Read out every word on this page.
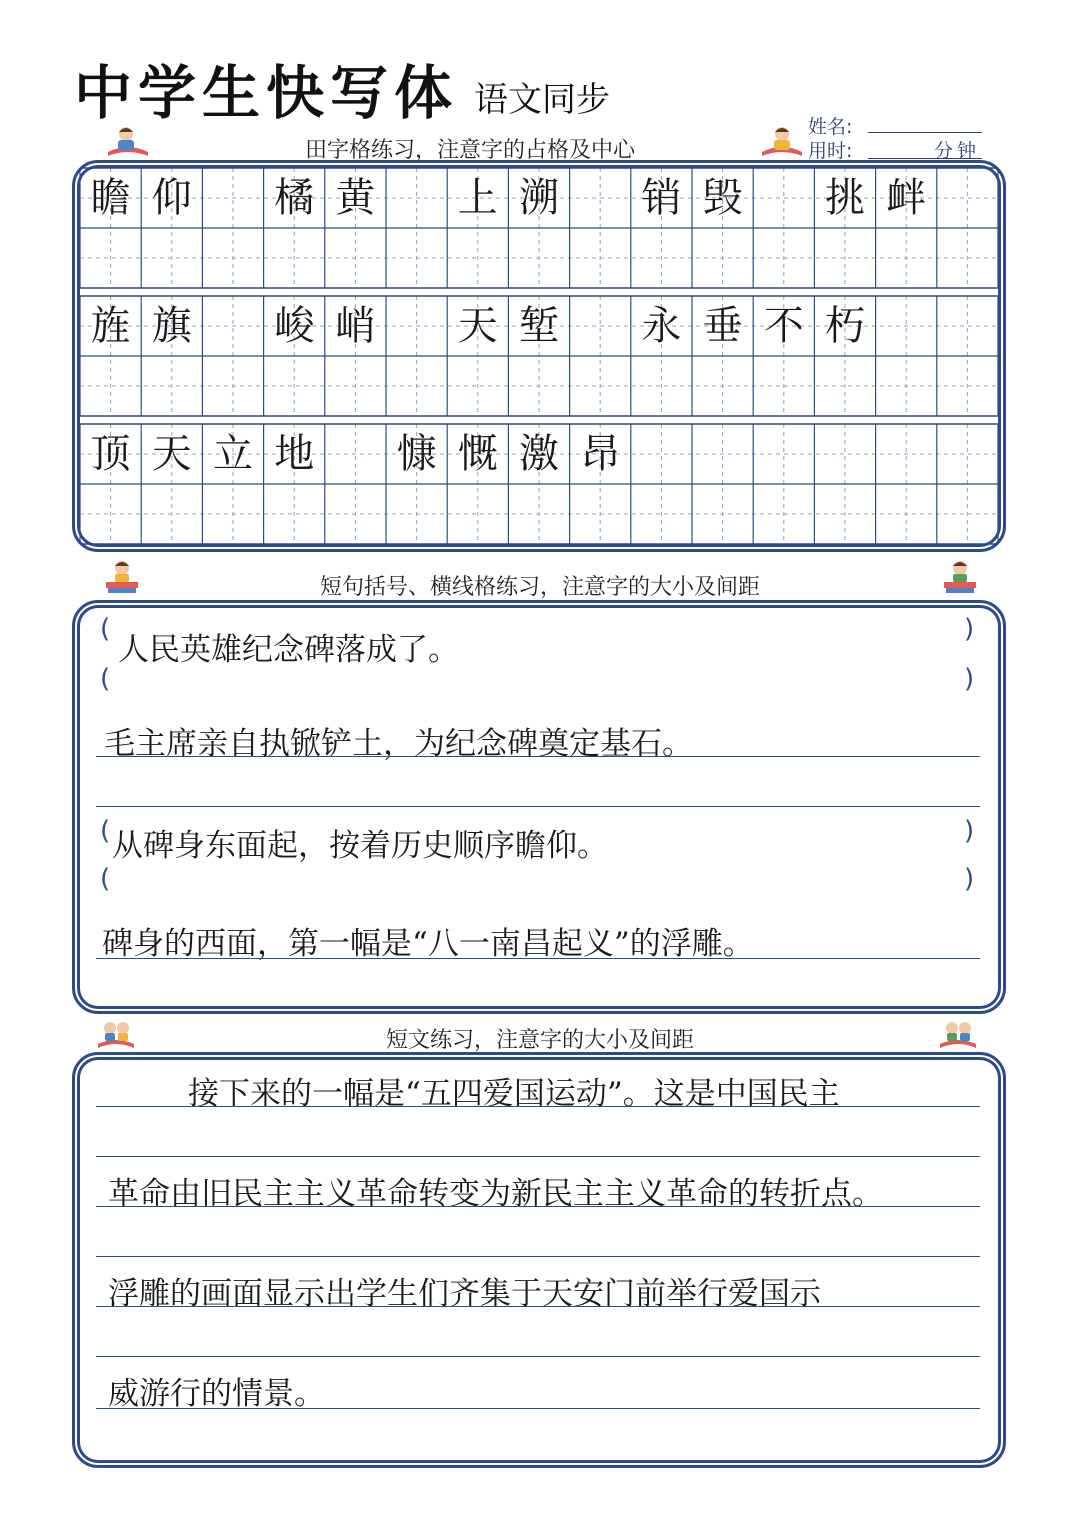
中学生快写体 语文同步
田字格练习，注意字的占格及中心
姓名:
用时:	分钟
瞻 仰 橘 黄 上 溯 销 毁 挑 衅
旌 旗 峻 峭 天 堑 永 垂 不 朽
顶 天 立 地 慷 慨 激 昂
短句括号、横线格练习，注意字的大小及间距
(	)
人民英雄纪念碑落成了。
(	)
毛主席亲自执锨铲土，为纪念碑奠定基石。
(	)
从碑身东面起，按着历史顺序瞻仰。
(	)
碑身的西面，第一幅是“八一南昌起义”的浮雕。
短文练习，注意字的大小及间距
接下来的一幅是“五四爱国运动”。这是中国民主
革命由旧民主主义革命转变为新民主主义革命的转折点。
浮雕的画面显示出学生们齐集于天安门前举行爱国示
威游行的情景。
